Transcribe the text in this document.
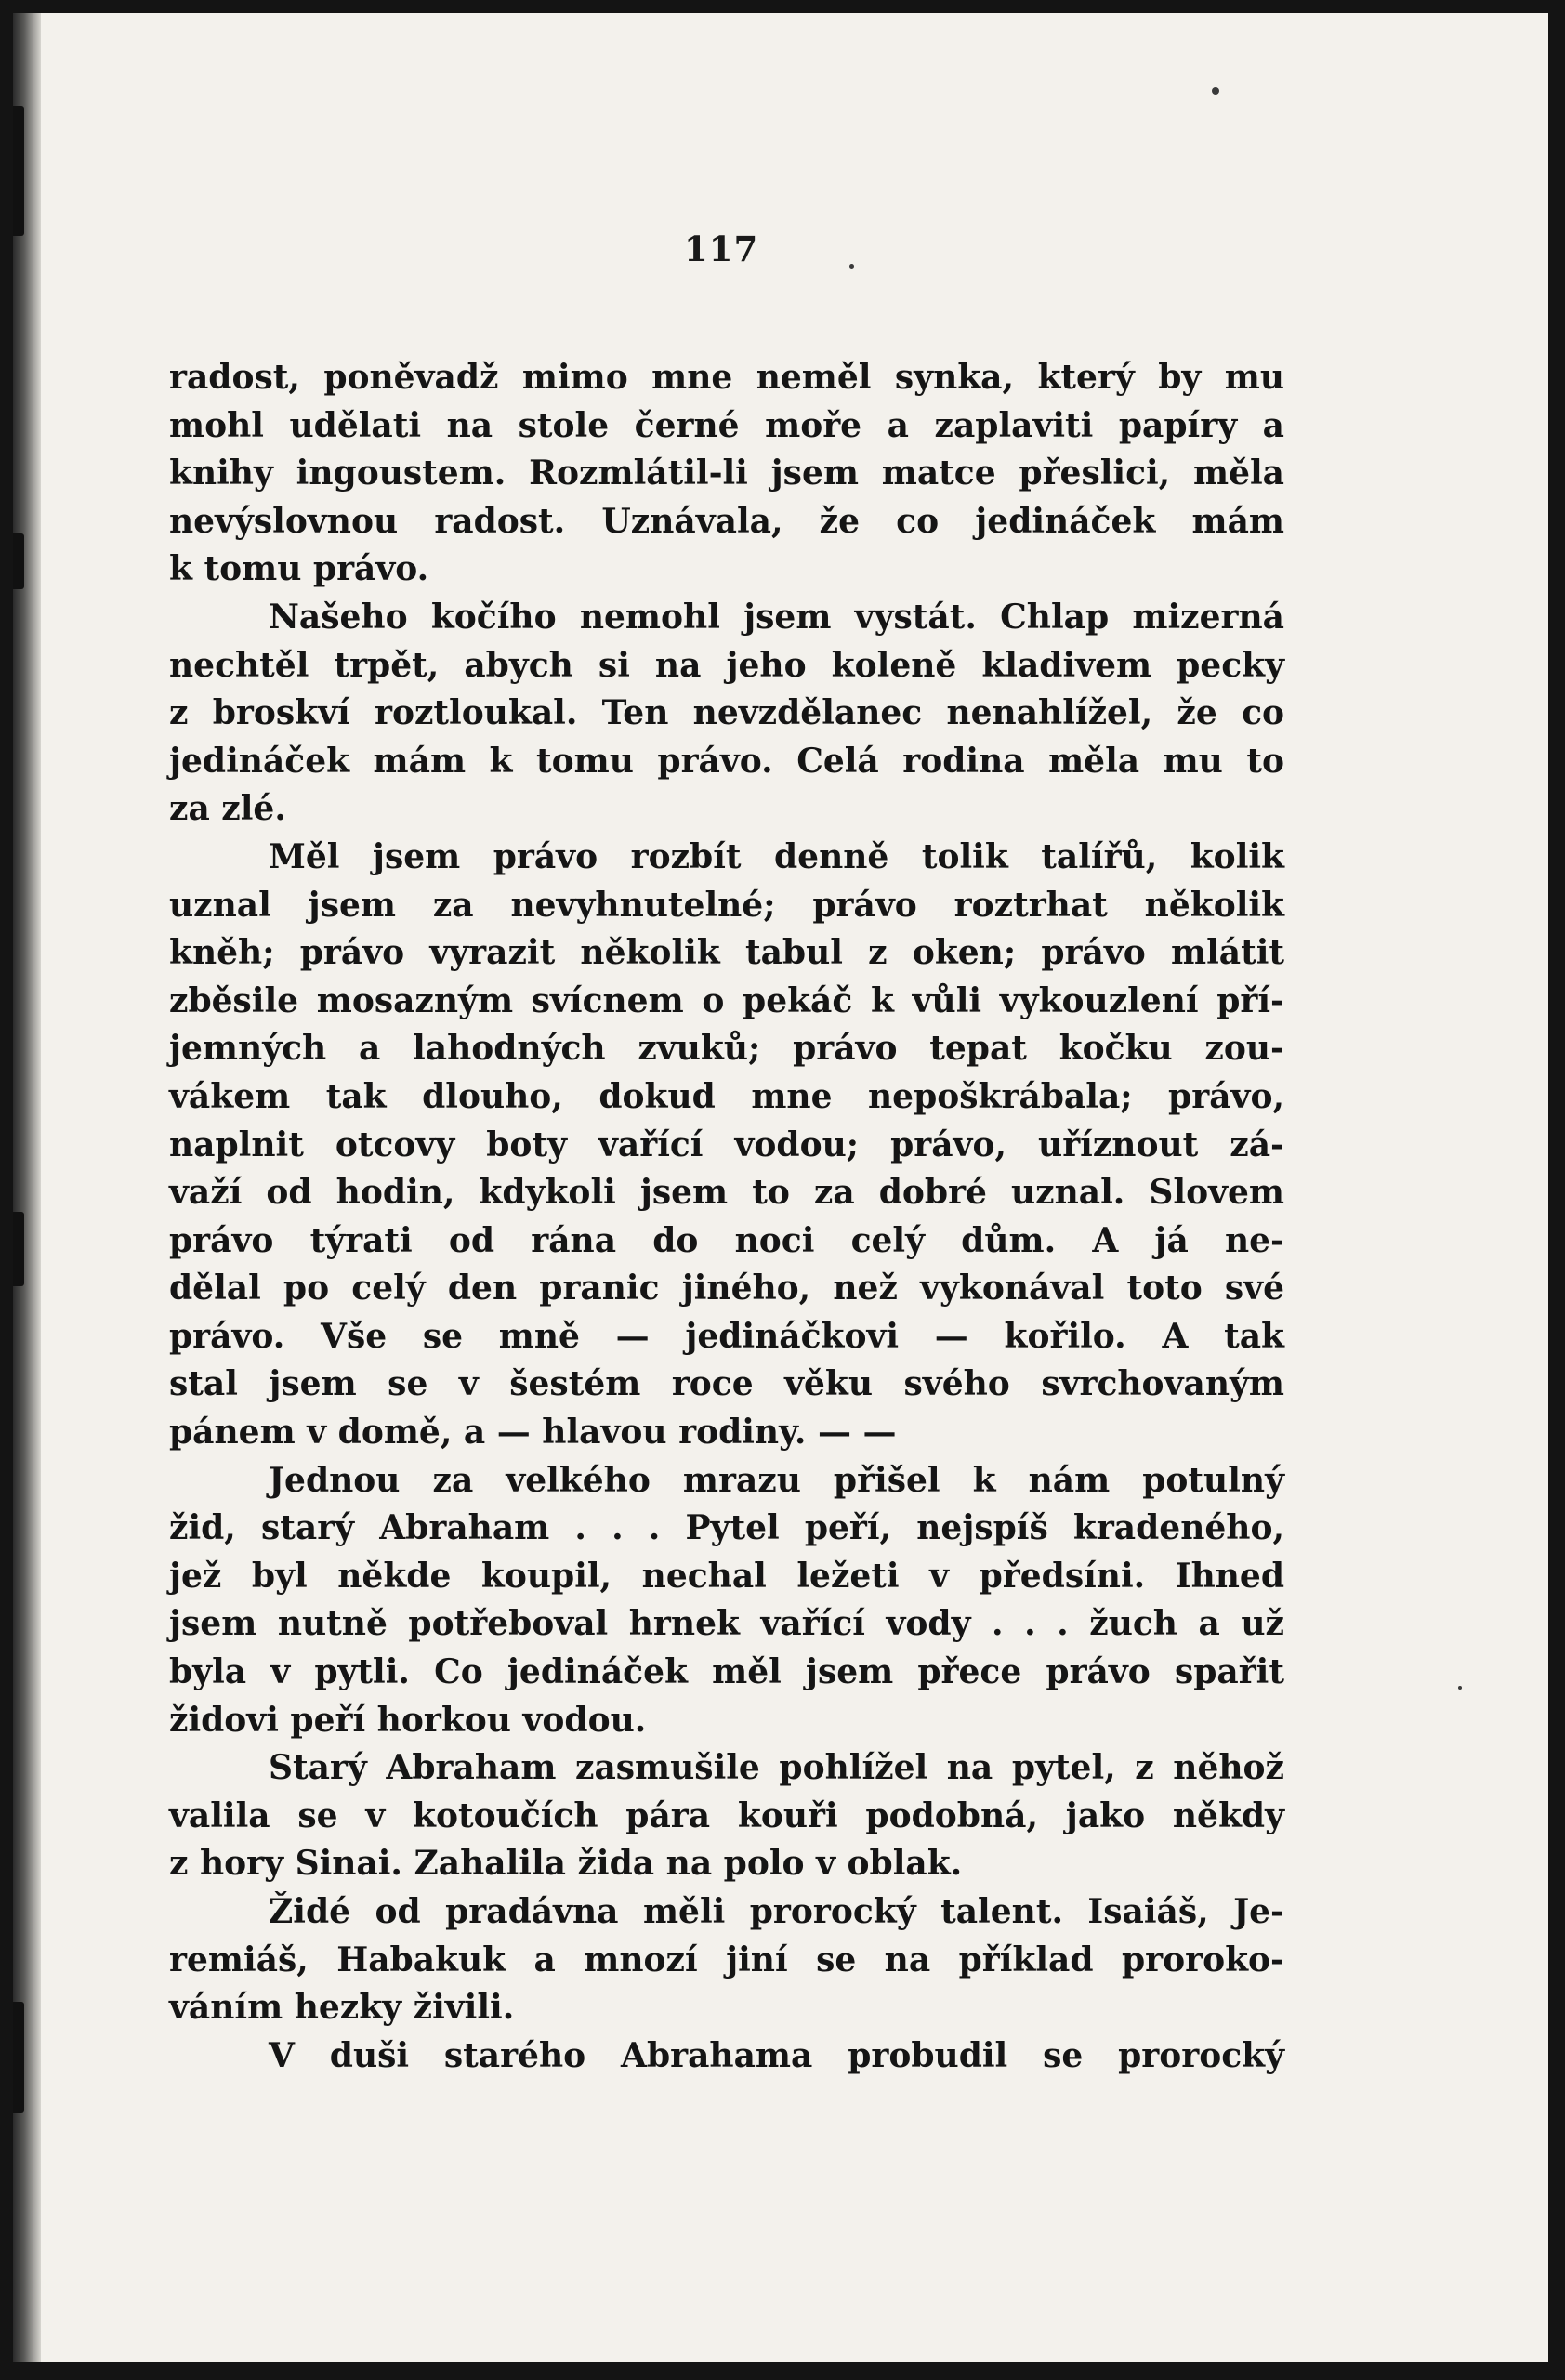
117
radost, poněvadž mimo mne neměl synka, který by mu
mohl udělati na stole černé moře a zaplaviti papíry a
knihy ingoustem. Rozmlátil-li jsem matce přeslici, měla
nevýslovnou radost. Uznávala, že co jedináček mám
k tomu právo.
Našeho kočího nemohl jsem vystát. Chlap mizerná
nechtěl trpět, abych si na jeho koleně kladivem pecky
z broskví roztloukal. Ten nevzdělanec nenahlížel, že co
jedináček mám k tomu právo. Celá rodina měla mu to
za zlé.
Měl jsem právo rozbít denně tolik talířů, kolik
uznal jsem za nevyhnutelné; právo roztrhat několik
kněh; právo vyrazit několik tabul z oken; právo mlátit
zběsile mosazným svícnem o pekáč k vůli vykouzlení pří-
jemných a lahodných zvuků; právo tepat kočku zou-
vákem tak dlouho, dokud mne nepoškrábala; právo,
naplnit otcovy boty vařící vodou; právo, uříznout zá-
važí od hodin, kdykoli jsem to za dobré uznal. Slovem
právo týrati od rána do noci celý dům. A já ne-
dělal po celý den pranic jiného, než vykonával toto své
právo. Vše se mně — jedináčkovi — kořilo. A tak
stal jsem se v šestém roce věku svého svrchovaným
pánem v domě, a — hlavou rodiny. — —
Jednou za velkého mrazu přišel k nám potulný
žid, starý Abraham . . . Pytel peří, nejspíš kradeného,
jež byl někde koupil, nechal ležeti v předsíni. Ihned
jsem nutně potřeboval hrnek vařící vody . . . žuch a už
byla v pytli. Co jedináček měl jsem přece právo spařit
židovi peří horkou vodou.
Starý Abraham zasmušile pohlížel na pytel, z něhož
valila se v kotoučích pára kouři podobná, jako někdy
z hory Sinai. Zahalila žida na polo v oblak.
Židé od pradávna měli prorocký talent. Isaiáš, Je-
remiáš, Habakuk a mnozí jiní se na příklad proroko-
váním hezky živili.
V duši starého Abrahama probudil se prorocký
